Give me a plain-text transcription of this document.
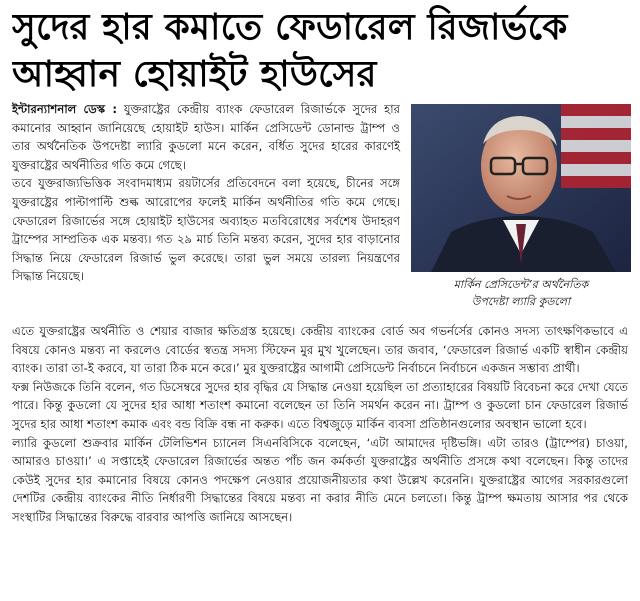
সুদের হার কমাতে ফেডারেল রিজার্ভকে
আহ্বান হোয়াইট হাউসের

ইন্টারন্যাশনাল ডেস্ক : যুক্তরাষ্ট্রের কেন্দ্রীয় ব্যাংক ফেডারেল রিজার্ভকে সুদের হার কমানোর আহ্বান জানিয়েছে হোয়াইট হাউস। মার্কিন প্রেসিডেন্ট ডোনাল্ড ট্রাম্প ও তার অর্থনৈতিক উপদেষ্টা ল্যারি কুডলো মনে করেন, বর্ধিত সুদের হারের কারণেই যুক্তরাষ্ট্রের অর্থনীতির গতি কমে গেছে।

তবে যুক্তরাজ্যভিত্তিক সংবাদমাধ্যম রয়টার্সের প্রতিবেদনে বলা হয়েছে, চীনের সঙ্গে যুক্তরাষ্ট্রের পাল্টাপাল্টি শুল্ক আরোপের ফলেই মার্কিন অর্থনীতির গতি কমে গেছে। ফেডারেল রিজার্ভের সঙ্গে হোয়াইট হাউসের অব্যাহত মতবিরোধের সর্বশেষ উদাহরণ ট্রাম্পের সাম্প্রতিক এক মন্তব্য। গত ২৯ মার্চ তিনি মন্তব্য করেন, সুদের হার বাড়ানোর সিদ্ধান্ত নিয়ে ফেডারেল রিজার্ভ ভুল করেছে। তারা ভুল সময়ে তারল্য নিয়ন্ত্রণের সিদ্ধান্ত নিয়েছে।

মার্কিন প্রেসিডেন্ট’র অর্থনৈতিক
উপদেষ্টা ল্যারি কুডলো

এতে যুক্তরাষ্ট্রের অর্থনীতি ও শেয়ার বাজার ক্ষতিগ্রস্ত হয়েছে। কেন্দ্রীয় ব্যাংকের বোর্ড অব গভর্নর্সের কোনও সদস্য তাৎক্ষণিকভাবে এ বিষয়ে কোনও মন্তব্য না করলেও বোর্ডের স্বতন্ত্র সদস্য স্টিফেন মুর মুখ খুলেছেন। তার জবাব, ‘ফেডারেল রিজার্ভ একটি স্বাধীন কেন্দ্রীয় ব্যাংক। তারা তা-ই করবে, যা তারা ঠিক মনে করে।’ মুর যুক্তরাষ্ট্রের আগামী প্রেসিডেন্ট নির্বাচনে নির্বাচনে একজন সম্ভাব্য প্রার্থী।

ফক্স নিউজকে তিনি বলেন, গত ডিসেম্বরে সুদের হার বৃদ্ধির যে সিদ্ধান্ত নেওয়া হয়েছিল তা প্রত্যাহারের বিষয়টি বিবেচনা করে দেখা যেতে পারে। কিন্তু কুডলো যে সুদের হার আধা শতাংশ কমানো বলেছেন তা তিনি সমর্থন করেন না। ট্রাম্প ও কুডলো চান ফেডারেল রিজার্ভ সুদের হার আধা শতাংশ কমাক এবং বন্ড বিক্রি বন্ধ না করুক। এতে বিশ্বজুড়ে মার্কিন ব্যবসা প্রতিষ্ঠানগুলোর অবস্থান ভালো হবে।

ল্যারি কুডলো শুক্রবার মার্কিন টেলিভিশন চ্যানেল সিএনবিসিকে বলেছেন, ‘এটা আমাদের দৃষ্টিভঙ্গি। এটা তারও (ট্রাম্পের) চাওয়া, আমারও চাওয়া।’ এ সপ্তাহেই ফেডারেল রিজার্ভের অন্তত পাঁচ জন কর্মকর্তা যুক্তরাষ্ট্রের অর্থনীতি প্রসঙ্গে কথা বলেছেন। কিন্তু তাদের কেউই সুদের হার কমানোর বিষয়ে কোনও পদক্ষেপ নেওয়ার প্রয়োজনীয়তার কথা উল্লেখ করেননি। যুক্তরাষ্ট্রের আগের সরকারগুলো দেশটির কেন্দ্রীয় ব্যাংকের নীতি নির্ধারণী সিদ্ধান্তের বিষয়ে মন্তব্য না করার নীতি মেনে চলতো। কিন্তু ট্রাম্প ক্ষমতায় আসার পর থেকে সংস্থাটির সিদ্ধান্তের বিরুদ্ধে বারবার আপত্তি জানিয়ে আসছেন।
